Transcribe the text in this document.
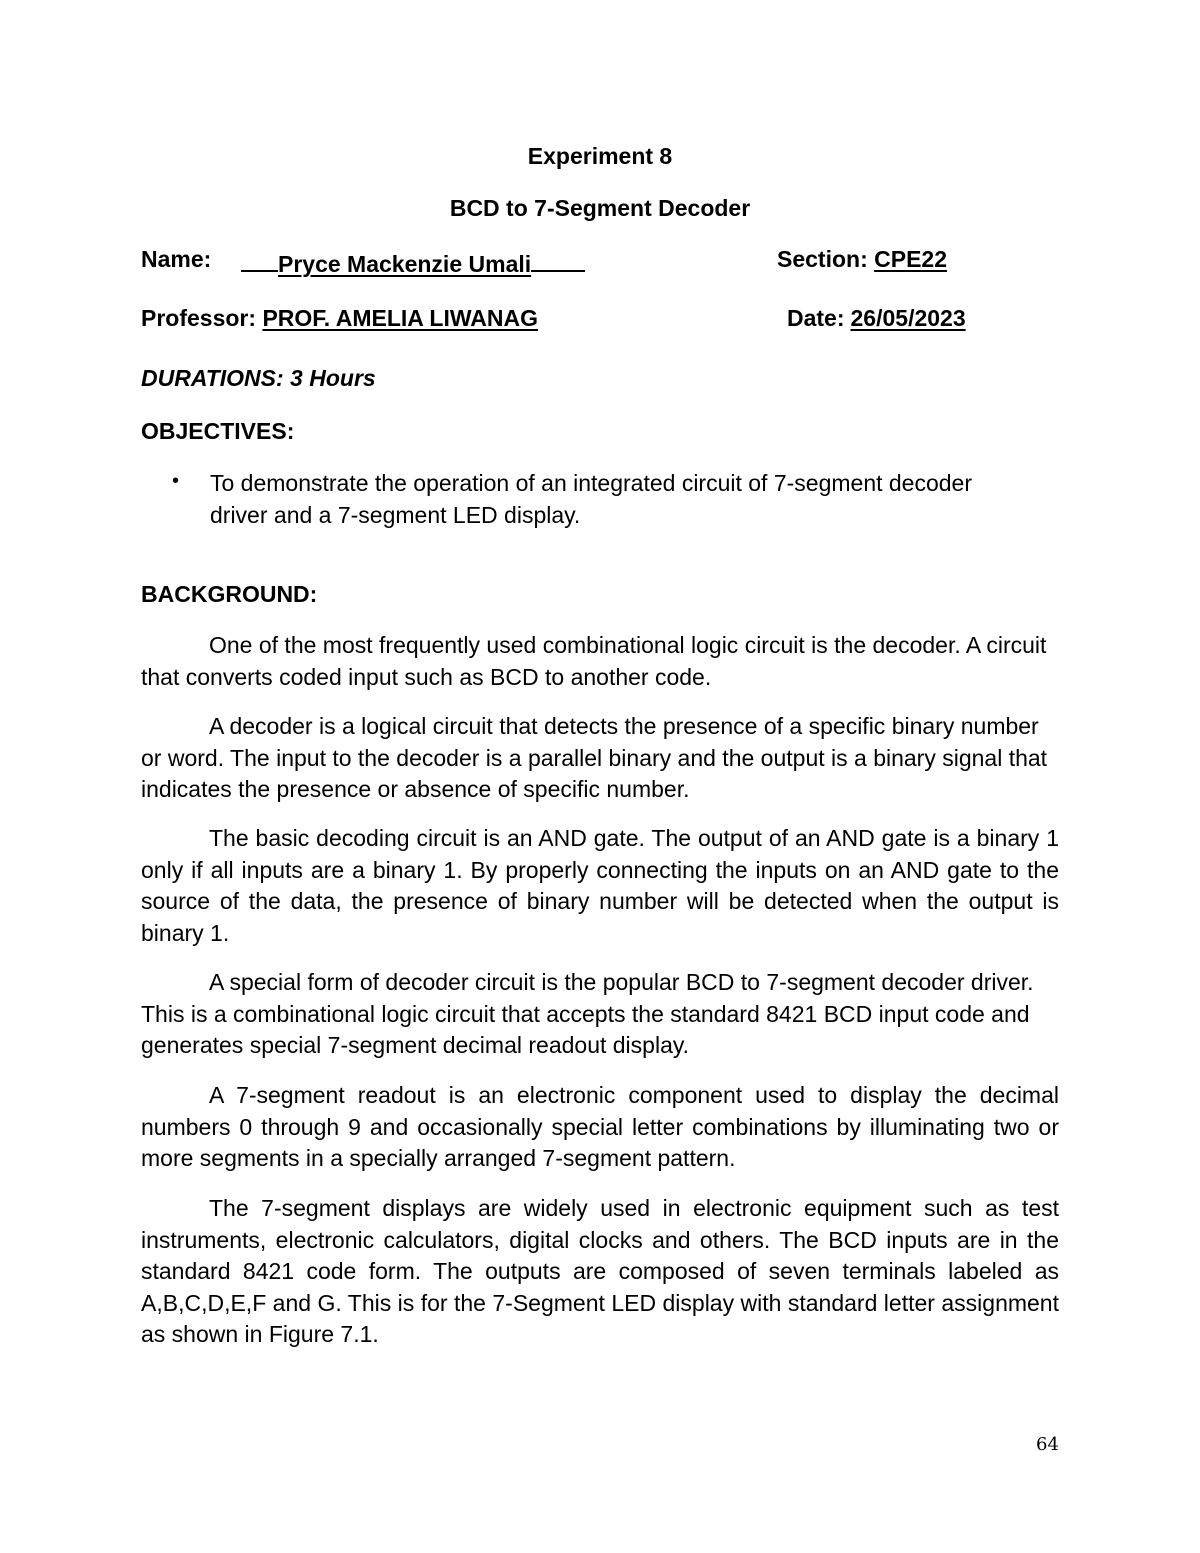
Experiment 8
BCD to 7-Segment Decoder
Name:	Pryce Mackenzie Umali	Section: CPE22
Professor: PROF. AMELIA LIWANAG	Date: 26/05/2023
DURATIONS: 3 Hours
OBJECTIVES:
• To demonstrate the operation of an integrated circuit of 7-segment decoder driver and a 7-segment LED display.

BACKGROUND:

One of the most frequently used combinational logic circuit is the decoder. A circuit that converts coded input such as BCD to another code.

A decoder is a logical circuit that detects the presence of a specific binary number or word. The input to the decoder is a parallel binary and the output is a binary signal that indicates the presence or absence of specific number.

The basic decoding circuit is an AND gate. The output of an AND gate is a binary 1 only if all inputs are a binary 1. By properly connecting the inputs on an AND gate to the source of the data, the presence of binary number will be detected when the output is binary 1.

A special form of decoder circuit is the popular BCD to 7-segment decoder driver. This is a combinational logic circuit that accepts the standard 8421 BCD input code and generates special 7-segment decimal readout display.

A 7-segment readout is an electronic component used to display the decimal numbers 0 through 9 and occasionally special letter combinations by illuminating two or more segments in a specially arranged 7-segment pattern.

The 7-segment displays are widely used in electronic equipment such as test instruments, electronic calculators, digital clocks and others. The BCD inputs are in the standard 8421 code form. The outputs are composed of seven terminals labeled as A,B,C,D,E,F and G. This is for the 7-Segment LED display with standard letter assignment as shown in Figure 7.1.

64
